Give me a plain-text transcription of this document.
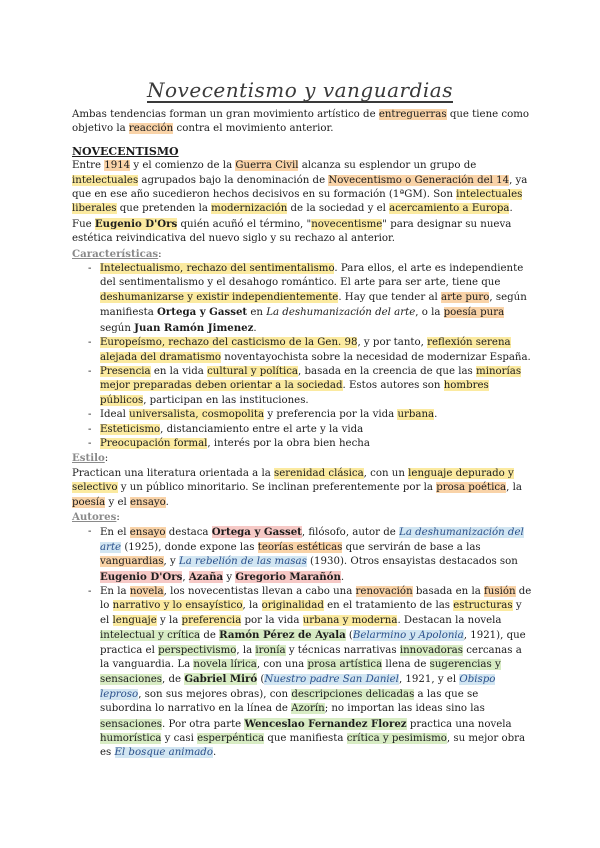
Novecentismo y vanguardias

Ambas tendencias forman un gran movimiento artístico de entreguerras que tiene como objetivo la reacción contra el movimiento anterior.

NOVECENTISMO

Entre 1914 y el comienzo de la Guerra Civil alcanza su esplendor un grupo de intelectuales agrupados bajo la denominación de Novecentismo o Generación del 14, ya que en ese año sucedieron hechos decisivos en su formación (1ªGM). Son intelectuales liberales que pretenden la modernización de la sociedad y el acercamiento a Europa. Fue Eugenio D'Ors quién acuñó el término, "novecentisme" para designar su nueva estética reivindicativa del nuevo siglo y su rechazo al anterior.

Características:

- Intelectualismo, rechazo del sentimentalismo. Para ellos, el arte es independiente del sentimentalismo y el desahogo romántico. El arte para ser arte, tiene que deshumanizarse y existir independientemente. Hay que tender al arte puro, según manifiesta Ortega y Gasset en La deshumanización del arte, o la poesía pura según Juan Ramón Jimenez.
- Europeísmo, rechazo del casticismo de la Gen. 98, y por tanto, reflexión serena alejada del dramatismo noventayochista sobre la necesidad de modernizar España.
- Presencia en la vida cultural y política, basada en la creencia de que las minorías mejor preparadas deben orientar a la sociedad. Estos autores son hombres públicos, participan en las instituciones.
- Ideal universalista, cosmopolita y preferencia por la vida urbana.
- Esteticismo, distanciamiento entre el arte y la vida
- Preocupación formal, interés por la obra bien hecha

Estilo:

Practican una literatura orientada a la serenidad clásica, con un lenguaje depurado y selectivo y un público minoritario. Se inclinan preferentemente por la prosa poética, la poesía y el ensayo.

Autores:

- En el ensayo destaca Ortega y Gasset, filósofo, autor de La deshumanización del arte (1925), donde expone las teorías estéticas que servirán de base a las vanguardias, y La rebelión de las masas (1930). Otros ensayistas destacados son Eugenio D'Ors, Azaña y Gregorio Marañón.
- En la novela, los novecentistas llevan a cabo una renovación basada en la fusión de lo narrativo y lo ensayístico, la originalidad en el tratamiento de las estructuras y el lenguaje y la preferencia por la vida urbana y moderna. Destacan la novela intelectual y crítica de Ramón Pérez de Ayala (Belarmino y Apolonia, 1921), que practica el perspectivismo, la ironía y técnicas narrativas innovadoras cercanas a la vanguardia. La novela lírica, con una prosa artística llena de sugerencias y sensaciones, de Gabriel Miró (Nuestro padre San Daniel, 1921, y el Obispo leproso, son sus mejores obras), con descripciones delicadas a las que se subordina lo narrativo en la línea de Azorín; no importan las ideas sino las sensaciones. Por otra parte Wenceslao Fernandez Florez practica una novela humorística y casi esperpéntica que manifiesta crítica y pesimismo, su mejor obra es El bosque animado.
